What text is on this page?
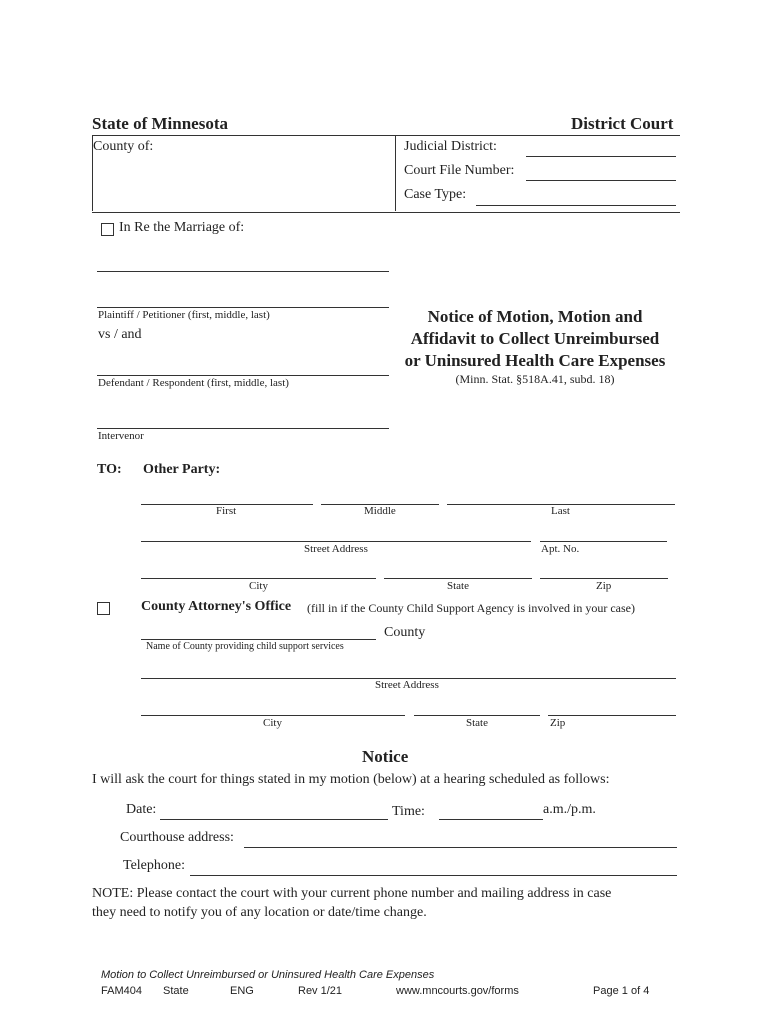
State of Minnesota	District Court
County of:	Judicial District:
Court File Number:
Case Type:
In Re the Marriage of:
Plaintiff / Petitioner (first, middle, last)
vs / and
Defendant / Respondent (first, middle, last)
Intervenor
Notice of Motion, Motion and
Affidavit to Collect Unreimbursed
or Uninsured Health Care Expenses
(Minn. Stat. §518A.41, subd. 18)
TO: Other Party:
First	Middle	Last
Street Address	Apt. No.
City	State	Zip
County Attorney's Office (fill in if the County Child Support Agency is involved in your case)
County
Name of County providing child support services
Street Address
City	State	Zip
Notice
I will ask the court for things stated in my motion (below) at a hearing scheduled as follows:
Date:	Time:	a.m./p.m.
Courthouse address:
Telephone:
NOTE: Please contact the court with your current phone number and mailing address in case
they need to notify you of any location or date/time change.
Motion to Collect Unreimbursed or Uninsured Health Care Expenses
FAM404 State	ENG	Rev 1/21	www.mncourts.gov/forms	Page 1 of 4
